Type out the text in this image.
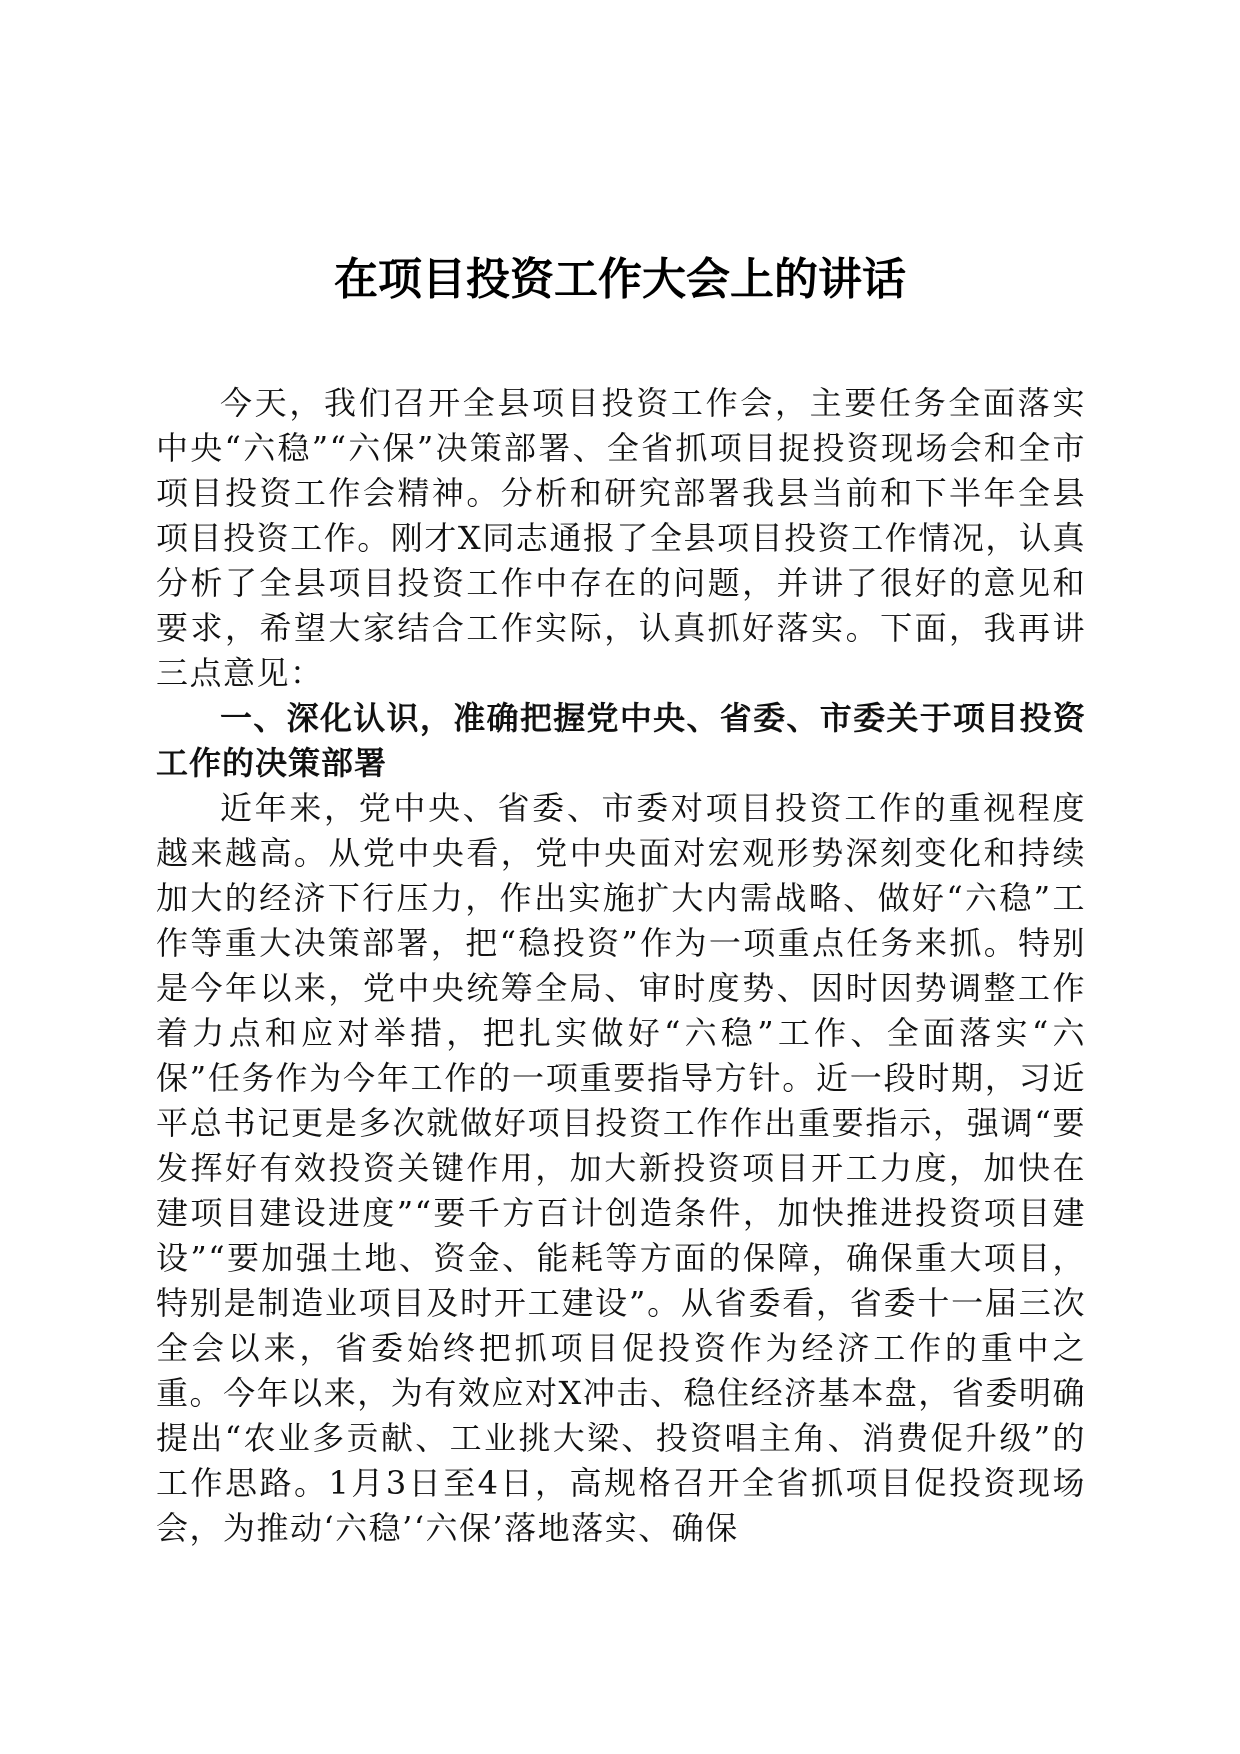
在项目投资工作大会上的讲话

今天，我们召开全县项目投资工作会，主要任务全面落实中央“六稳”“六保”决策部署、全省抓项目捉投资现场会和全市项目投资工作会精神。分析和研究部署我县当前和下半年全县项目投资工作。刚才X同志通报了全县项目投资工作情况，认真分析了全县项目投资工作中存在的问题，并讲了很好的意见和要求，希望大家结合工作实际，认真抓好落实。下面，我再讲三点意见：

一、深化认识，准确把握党中央、省委、市委关于项目投资工作的决策部署

近年来，党中央、省委、市委对项目投资工作的重视程度越来越高。从党中央看，党中央面对宏观形势深刻变化和持续加大的经济下行压力，作出实施扩大内需战略、做好“六稳”工作等重大决策部署，把“稳投资”作为一项重点任务来抓。特别是今年以来，党中央统筹全局、审时度势、因时因势调整工作着力点和应对举措，把扎实做好“六稳”工作、全面落实“六保”任务作为今年工作的一项重要指导方针。近一段时期，习近平总书记更是多次就做好项目投资工作作出重要指示，强调“要发挥好有效投资关键作用，加大新投资项目开工力度，加快在建项目建设进度”“要千方百计创造条件，加快推进投资项目建设”“要加强土地、资金、能耗等方面的保障，确保重大项目，特别是制造业项目及时开工建设”。从省委看，省委十一届三次全会以来，省委始终把抓项目促投资作为经济工作的重中之重。今年以来，为有效应对X冲击、稳住经济基本盘，省委明确提出“农业多贡献、工业挑大梁、投资唱主角、消费促升级”的工作思路。1月3日至4日，高规格召开全省抓项目促投资现场会，为推动‘六稳’‘六保’落地落实、确保
